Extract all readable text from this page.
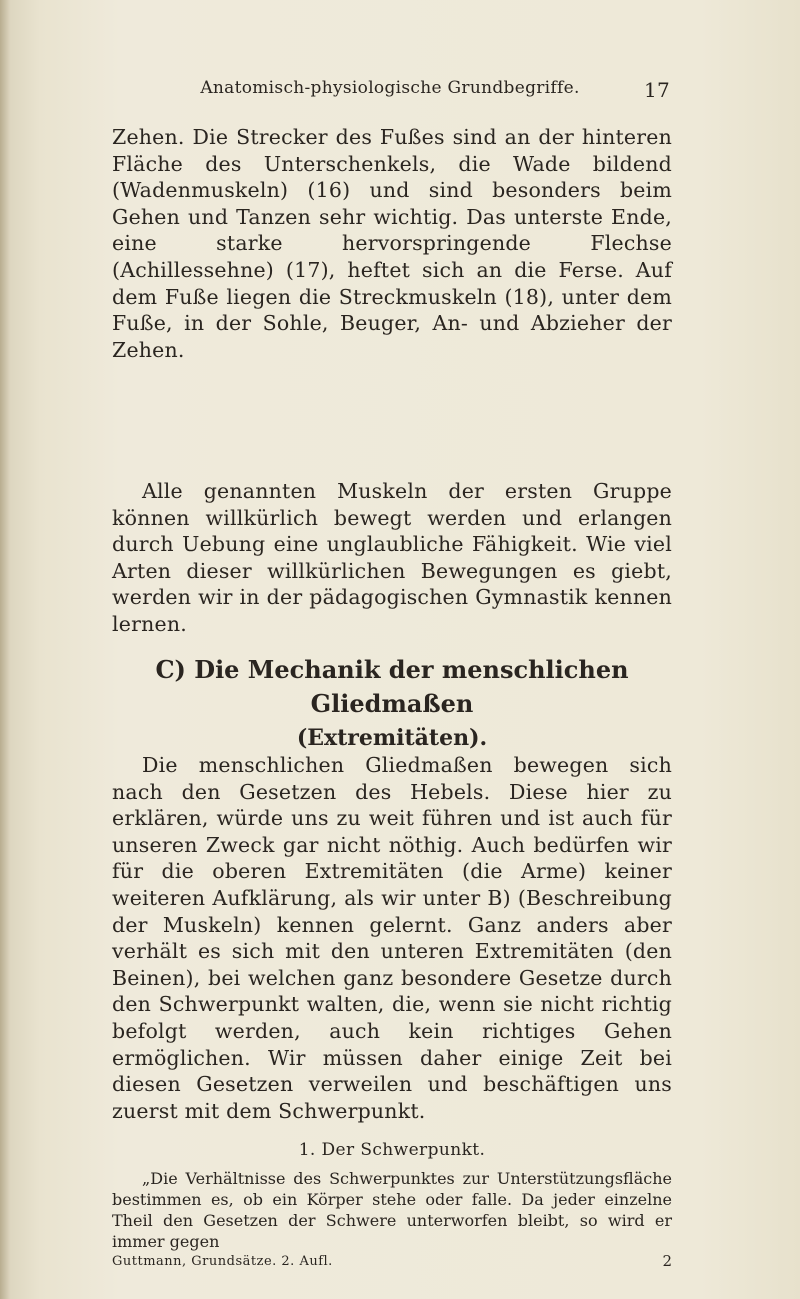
Anatomisch-physiologische Grundbegriffe.	17
Zehen. Die Strecker des Fußes sind an der hinteren Fläche des Unterschenkels, die Wade bildend (Wadenmuskeln) (16) und sind besonders beim Gehen und Tanzen sehr wichtig. Das unterste Ende, eine starke hervorspringende Flechse (Achillessehne) (17), heftet sich an die Ferse. Auf dem Fuße liegen die Streckmuskeln (18), unter dem Fuße, in der Sohle, Beuger, An- und Abzieher der Zehen.
Alle genannten Muskeln der ersten Gruppe können willkürlich bewegt werden und erlangen durch Uebung eine unglaubliche Fähigkeit. Wie viel Arten dieser willkürlichen Bewegungen es giebt, werden wir in der pädagogischen Gymnastik kennen lernen.
C) Die Mechanik der menschlichen Gliedmaßen
(Extremitäten).
Die menschlichen Gliedmaßen bewegen sich nach den Gesetzen des Hebels. Diese hier zu erklären, würde uns zu weit führen und ist auch für unseren Zweck gar nicht nöthig. Auch bedürfen wir für die oberen Extremitäten (die Arme) keiner weiteren Aufklärung, als wir unter B) (Beschreibung der Muskeln) kennen gelernt. Ganz anders aber verhält es sich mit den unteren Extremitäten (den Beinen), bei welchen ganz besondere Gesetze durch den Schwerpunkt walten, die, wenn sie nicht richtig befolgt werden, auch kein richtiges Gehen ermöglichen. Wir müssen daher einige Zeit bei diesen Gesetzen verweilen und beschäftigen uns zuerst mit dem Schwerpunkt.
1. Der Schwerpunkt.
„Die Verhältnisse des Schwerpunktes zur Unterstützungsfläche bestimmen es, ob ein Körper stehe oder falle. Da jeder einzelne Theil den Gesetzen der Schwere unterworfen bleibt, so wird er immer gegen
Guttmann, Grundsätze. 2. Aufl.	2
